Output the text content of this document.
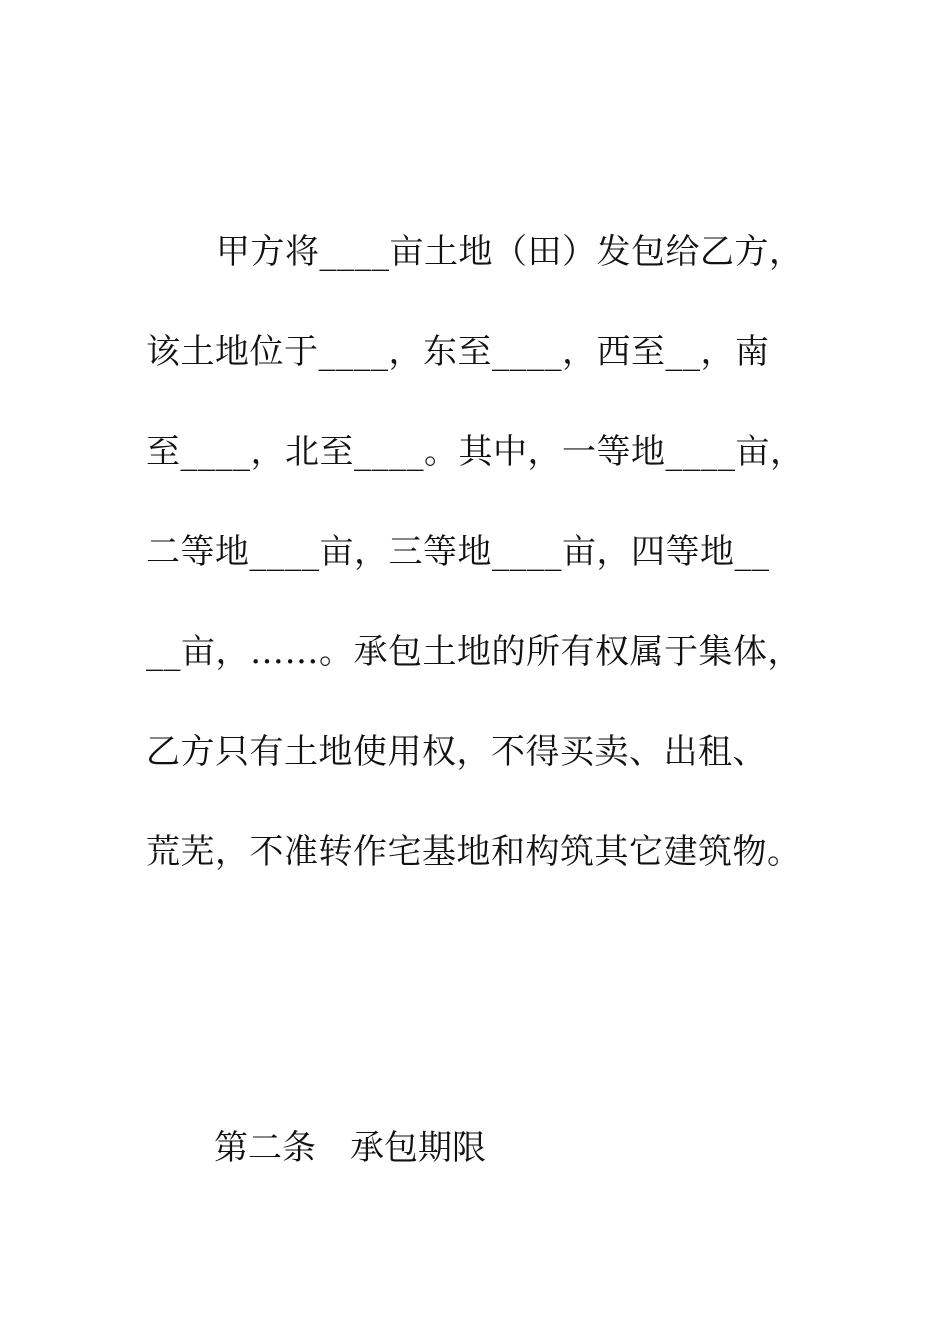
甲方将____亩土地（田）发包给乙方，
该土地位于____，东至____，西至__，南
至____，北至____。其中，一等地____亩，
二等地____亩，三等地____亩，四等地__
__亩，……。承包土地的所有权属于集体，
乙方只有土地使用权，不得买卖、出租、
荒芜，不准转作宅基地和构筑其它建筑物。
第二条　承包期限
